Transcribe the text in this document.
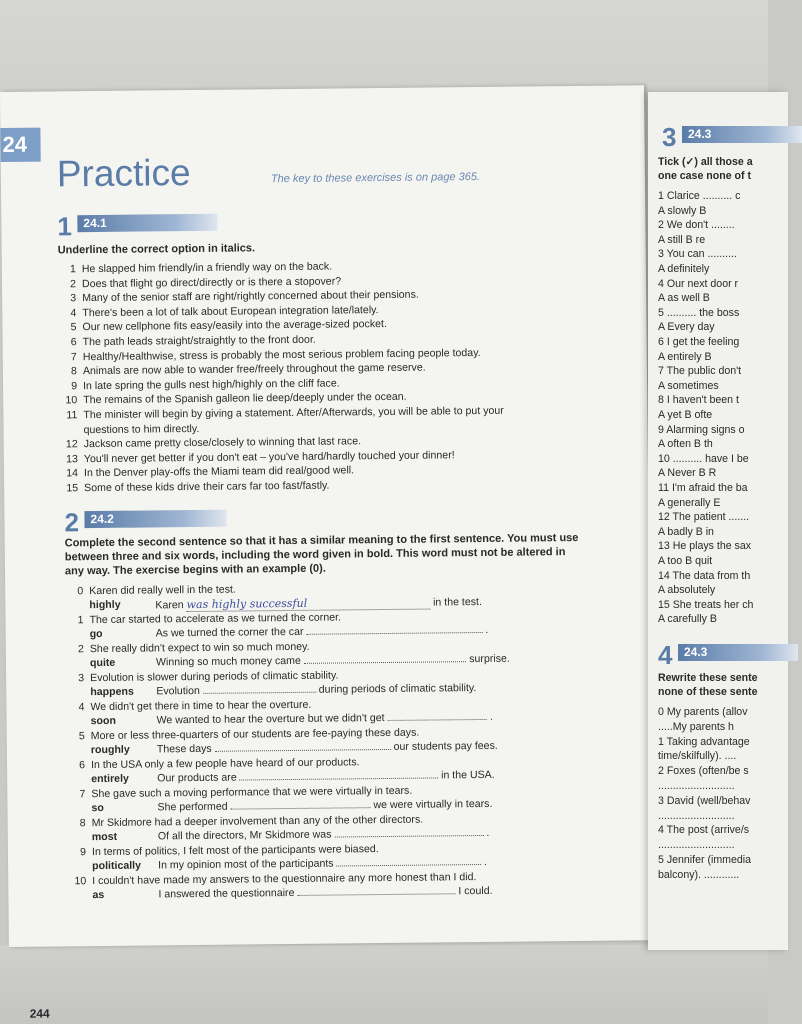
24
Practice	The key to these exercises is on page 365.
1 24.1
Underline the correct option in italics.
1 He slapped him friendly/in a friendly way on the back.
2 Does that flight go direct/directly or is there a stopover?
3 Many of the senior staff are right/rightly concerned about their pensions.
4 There's been a lot of talk about European integration late/lately.
5 Our new cellphone fits easy/easily into the average-sized pocket.
6 The path leads straight/straightly to the front door.
7 Healthy/Healthwise, stress is probably the most serious problem facing people today.
8 Animals are now able to wander free/freely throughout the game reserve.
9 In late spring the gulls nest high/highly on the cliff face.
10 The remains of the Spanish galleon lie deep/deeply under the ocean.
11 The minister will begin by giving a statement. After/Afterwards, you will be able to put your
questions to him directly.
12 Jackson came pretty close/closely to winning that last race.
13 You'll never get better if you don't eat – you've hard/hardly touched your dinner!
14 In the Denver play-offs the Miami team did real/good well.
15 Some of these kids drive their cars far too fast/fastly.
2 24.2
Complete the second sentence so that it has a similar meaning to the first sentence. You must use
between three and six words, including the word given in bold. This word must not be altered in
any way. The exercise begins with an example (0).
0 Karen did really well in the test.
highly	Karen was highly successful	in the test.
1 The car started to accelerate as we turned the corner.
go	As we turned the corner the car	.
2 She really didn't expect to win so much money.
quite	Winning so much money came	surprise.
3 Evolution is slower during periods of climatic stability.
happens Evolution	during periods of climatic stability.
4 We didn't get there in time to hear the overture.
soon	We wanted to hear the overture but we didn't get	.
5 More or less three-quarters of our students are fee-paying these days.
roughly	These days	our students pay fees.
6 In the USA only a few people have heard of our products.
entirely	Our products are	in the USA.
7 She gave such a moving performance that we were virtually in tears.
so	She performed	we were virtually in tears.
8 Mr Skidmore had a deeper involvement than any of the other directors.
most	Of all the directors, Mr Skidmore was	.
9 In terms of politics, I felt most of the participants were biased.
politically In my opinion most of the participants	.
10 I couldn't have made my answers to the questionnaire any more honest than I did.
as	I answered the questionnaire	I could.
244
3 24.3
Tick (✓) all those a
one case none of t
1 Clarice .......... c
A slowly B
2 We don't ........
A still B re
3 You can ..........
A definitely
4 Our next door r
A as well B
5 .......... the boss
A Every day
6 I get the feeling
A entirely B
7 The public don't
A sometimes
8 I haven't been t
A yet B ofte
9 Alarming signs o
A often B th
10 .......... have I be
A Never B R
11 I'm afraid the ba
A generally E
12 The patient .......
A badly B in
13 He plays the sax
A too B quit
14 The data from th
A absolutely
15 She treats her ch
A carefully B
4 24.3
Rewrite these sente
none of these sente
0 My parents (allov
.....My parents h
1 Taking advantage
time/skilfully). ....
2 Foxes (often/be s
..........................
3 David (well/behav
..........................
4 The post (arrive/s
..........................
5 Jennifer (immedia
balcony). ............
